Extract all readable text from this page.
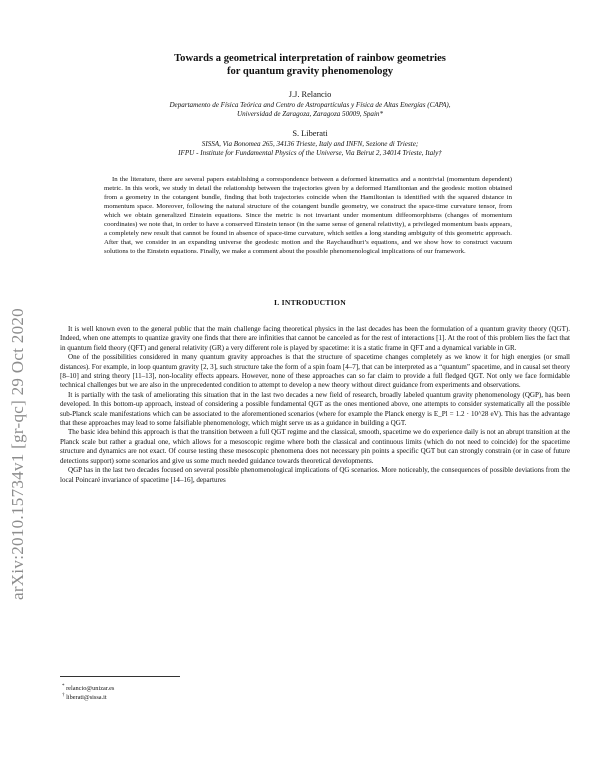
arXiv:2010.15734v1 [gr-qc] 29 Oct 2020
Towards a geometrical interpretation of rainbow geometries
for quantum gravity phenomenology
J.J. Relancio
Departamento de Física Teórica and Centro de Astropartículas y Física de Altas Energías (CAPA),
Universidad de Zaragoza, Zaragoza 50009, Spain*
S. Liberati
SISSA, Via Bonomea 265, 34136 Trieste, Italy and INFN, Sezione di Trieste;
IFPU - Institute for Fundamental Physics of the Universe, Via Beirut 2, 34014 Trieste, Italy†
In the literature, there are several papers establishing a correspondence between a deformed kinematics and a nontrivial (momentum dependent) metric. In this work, we study in detail the relationship between the trajectories given by a deformed Hamiltonian and the geodesic motion obtained from a geometry in the cotangent bundle, finding that both trajectories coincide when the Hamiltonian is identified with the squared distance in momentum space. Moreover, following the natural structure of the cotangent bundle geometry, we construct the space-time curvature tensor, from which we obtain generalized Einstein equations. Since the metric is not invariant under momentum diffeomorphisms (changes of momentum coordinates) we note that, in order to have a conserved Einstein tensor (in the same sense of general relativity), a privileged momentum basis appears, a completely new result that cannot be found in absence of space-time curvature, which settles a long standing ambiguity of this geometric approach. After that, we consider in an expanding universe the geodesic motion and the Raychaudhuri’s equations, and we show how to construct vacuum solutions to the Einstein equations. Finally, we make a comment about the possible phenomenological implications of our framework.
I. INTRODUCTION

It is well known even to the general public that the main challenge facing theoretical physics in the last decades has been the formulation of a quantum gravity theory (QGT). Indeed, when one attempts to quantize gravity one finds that there are infinities that cannot be canceled as for the rest of interactions [1]. At the root of this problem lies the fact that in quantum field theory (QFT) and general relativity (GR) a very different role is played by spacetime: it is a static frame in QFT and a dynamical variable in GR.

One of the possibilities considered in many quantum gravity approaches is that the structure of spacetime changes completely as we know it for high energies (or small distances). For example, in loop quantum gravity [2, 3], such structure take the form of a spin foam [4–7], that can be interpreted as a “quantum” spacetime, and in causal set theory [8–10] and string theory [11–13], non-locality effects appears. However, none of these approaches can so far claim to provide a full fledged QGT. Not only we face formidable technical challenges but we are also in the unprecedented condition to attempt to develop a new theory without direct guidance from experiments and observations.

It is partially with the task of ameliorating this situation that in the last two decades a new field of research, broadly labeled quantum gravity phenomenology (QGP), has been developed. In this bottom-up approach, instead of considering a possible fundamental QGT as the ones mentioned above, one attempts to consider systematically all the possible sub-Planck scale manifestations which can be associated to the aforementioned scenarios (where for example the Planck energy is E_Pl = 1.2 · 10^28 eV). This has the advantage that these approaches may lead to some falsifiable phenomenology, which might serve us as a guidance in building a QGT.

The basic idea behind this approach is that the transition between a full QGT regime and the classical, smooth, spacetime we do experience daily is not an abrupt transition at the Planck scale but rather a gradual one, which allows for a mesoscopic regime where both the classical and continuous limits (which do not need to coincide) for the spacetime structure and dynamics are not exact. Of course testing these mesoscopic phenomena does not necessary pin points a specific QGT but can strongly constrain (or in case of future detections support) some scenarios and give us some much needed guidance towards theoretical developments.

QGP has in the last two decades focused on several possible phenomenological implications of QG scenarios. More noticeably, the consequences of possible deviations from the local Poincaré invariance of spacetime [14–16], departures

* relancio@unizar.es
† liberati@sissa.it
